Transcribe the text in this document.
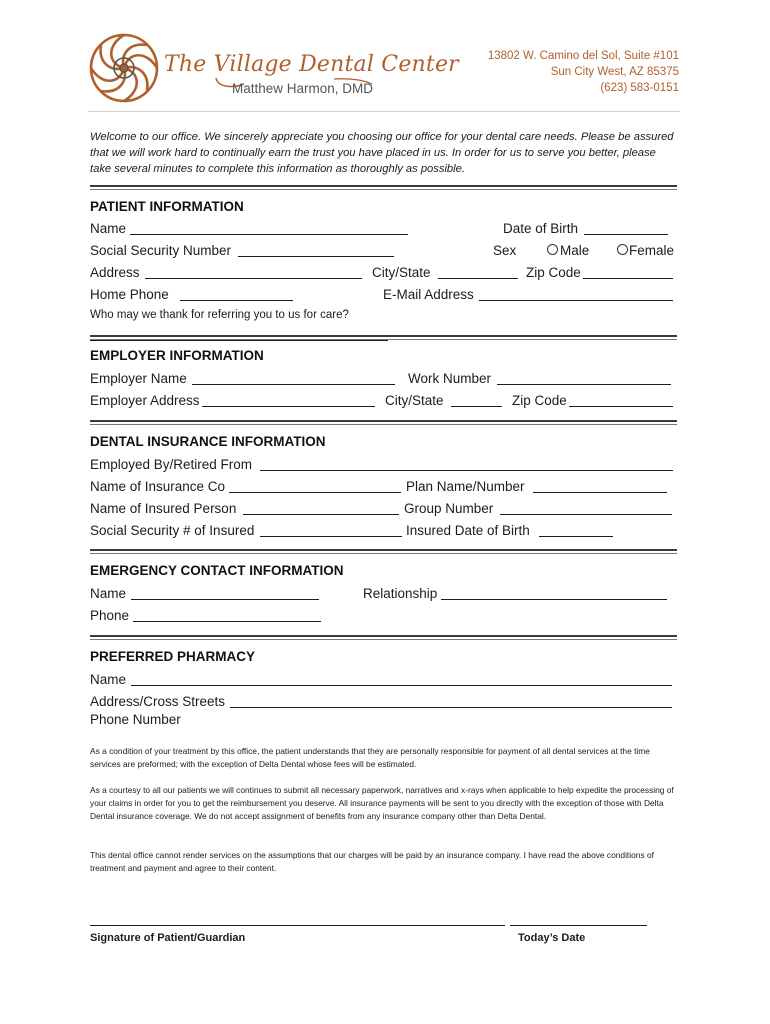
The Village Dental Center
Matthew Harmon, DMD
13802 W. Camino del Sol, Suite #101
Sun City West, AZ 85375
(623) 583-0151
Welcome to our office. We sincerely appreciate you choosing our office for your dental care needs. Please be assured that we will work hard to continually earn the trust you have placed in us. In order for us to serve you better, please take several minutes to complete this information as thoroughly as possible.
PATIENT INFORMATION
Name	Date of Birth
Social Security Number	Sex	Male	Female
Address	City/State	Zip Code
Home Phone	E-Mail Address
Who may we thank for referring you to us for care?
EMPLOYER INFORMATION
Employer Name	Work Number
Employer Address	City/State	Zip Code
DENTAL INSURANCE INFORMATION
Employed By/Retired From
Name of Insurance Co	Plan Name/Number
Name of Insured Person	Group Number
Social Security # of Insured	Insured Date of Birth
EMERGENCY CONTACT INFORMATION
Name	Relationship
Phone
PREFERRED PHARMACY
Name
Address/Cross Streets
Phone Number
As a condition of your treatment by this office, the patient understands that they are personally responsible for payment of all dental services at the time services are preformed; with the exception of Delta Dental whose fees will be estimated.
As a courtesy to all our patients we will continues to submit all necessary paperwork, narratives and x-rays when applicable to help expedite the processing of your claims in order for you to get the reimbursement you deserve. All insurance payments will be sent to you directly with the exception of those with Delta Dental insurance coverage. We do not accept assignment of benefits from any insurance company other than Delta Dental.
This dental office cannot render services on the assumptions that our charges will be paid by an insurance company. I have read the above conditions of treatment and payment and agree to their content.
Signature of Patient/Guardian	Today’s Date
